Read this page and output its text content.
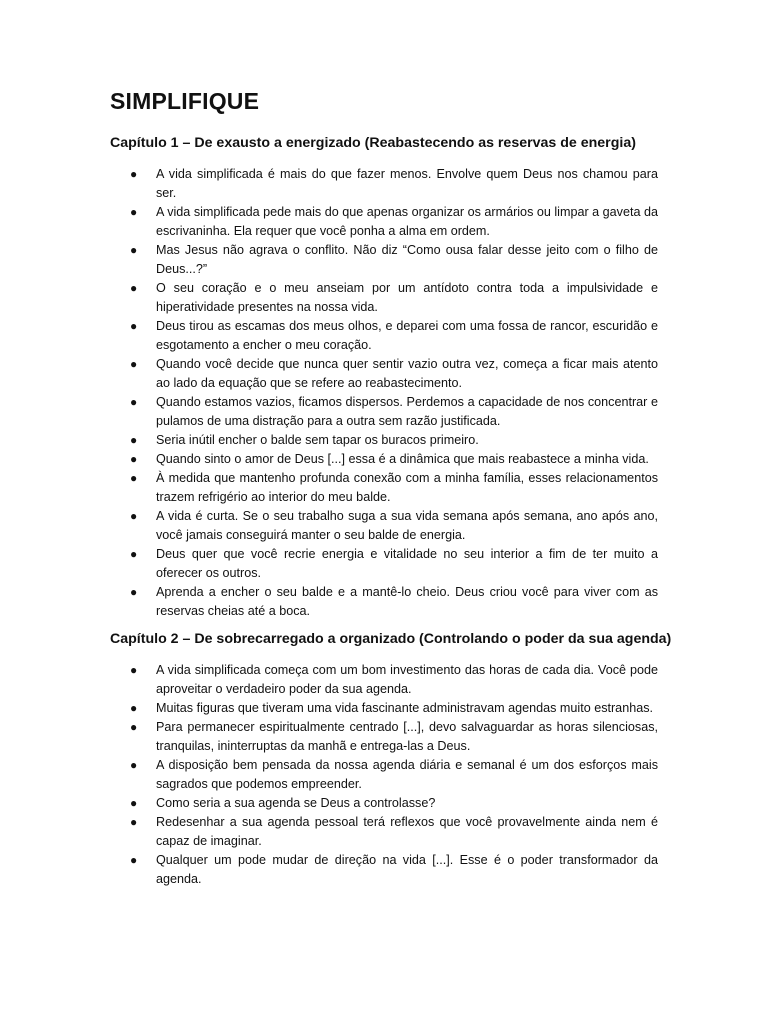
SIMPLIFIQUE
Capítulo 1 – De exausto a energizado (Reabastecendo as reservas de energia)
● A vida simplificada é mais do que fazer menos. Envolve quem Deus nos chamou para ser.
● A vida simplificada pede mais do que apenas organizar os armários ou limpar a gaveta da escrivaninha. Ela requer que você ponha a alma em ordem.
● Mas Jesus não agrava o conflito. Não diz “Como ousa falar desse jeito com o filho de Deus...?”
● O seu coração e o meu anseiam por um antídoto contra toda a impulsividade e hiperatividade presentes na nossa vida.
● Deus tirou as escamas dos meus olhos, e deparei com uma fossa de rancor, escuridão e esgotamento a encher o meu coração.
● Quando você decide que nunca quer sentir vazio outra vez, começa a ficar mais atento ao lado da equação que se refere ao reabastecimento.
● Quando estamos vazios, ficamos dispersos. Perdemos a capacidade de nos concentrar e pulamos de uma distração para a outra sem razão justificada.
● Seria inútil encher o balde sem tapar os buracos primeiro.
● Quando sinto o amor de Deus [...] essa é a dinâmica que mais reabastece a minha vida.
● À medida que mantenho profunda conexão com a minha família, esses relacionamentos trazem refrigério ao interior do meu balde.
● A vida é curta. Se o seu trabalho suga a sua vida semana após semana, ano após ano, você jamais conseguirá manter o seu balde de energia.
● Deus quer que você recrie energia e vitalidade no seu interior a fim de ter muito a oferecer os outros.
● Aprenda a encher o seu balde e a mantê-lo cheio. Deus criou você para viver com as reservas cheias até a boca.
Capítulo 2 – De sobrecarregado a organizado (Controlando o poder da sua agenda)
● A vida simplificada começa com um bom investimento das horas de cada dia. Você pode aproveitar o verdadeiro poder da sua agenda.
● Muitas figuras que tiveram uma vida fascinante administravam agendas muito estranhas.
● Para permanecer espiritualmente centrado [...], devo salvaguardar as horas silenciosas, tranquilas, ininterruptas da manhã e entrega-las a Deus.
● A disposição bem pensada da nossa agenda diária e semanal é um dos esforços mais sagrados que podemos empreender.
● Como seria a sua agenda se Deus a controlasse?
● Redesenhar a sua agenda pessoal terá reflexos que você provavelmente ainda nem é capaz de imaginar.
● Qualquer um pode mudar de direção na vida [...]. Esse é o poder transformador da agenda.
